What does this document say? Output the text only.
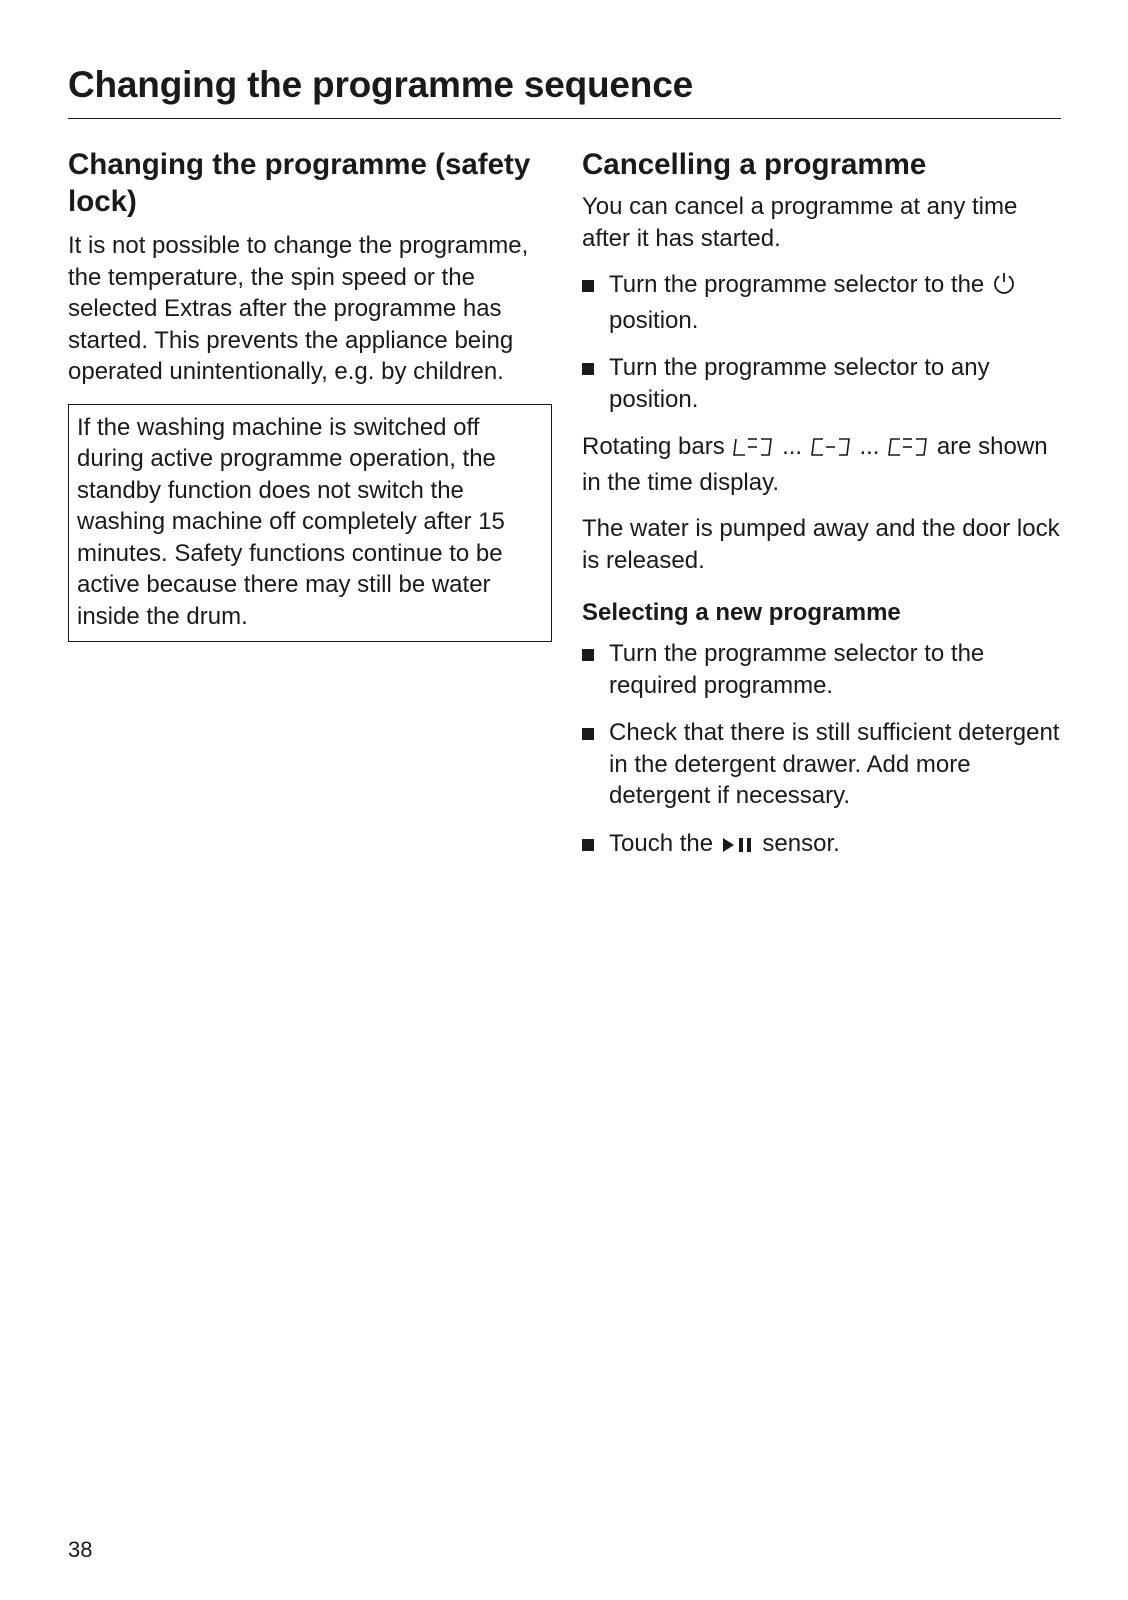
Changing the programme sequence
Changing the programme (safety lock)

It is not possible to change the programme, the temperature, the spin speed or the selected Extras after the programme has started. This prevents the appliance being operated unintentionally, e.g. by children.

If the washing machine is switched off during active programme operation, the standby function does not switch the washing machine off completely after 15 minutes. Safety functions continue to be active because there may still be water inside the drum.
Cancelling a programme

You can cancel a programme at any time after it has started.

Turn the programme selector to the  position.
Turn the programme selector to any position.

Rotating bars ... ... are shown in the time display.

The water is pumped away and the door lock is released.

Selecting a new programme
Turn the programme selector to the required programme.
Check that there is still sufficient detergent in the detergent drawer. Add more detergent if necessary.
Touch the sensor.
38
